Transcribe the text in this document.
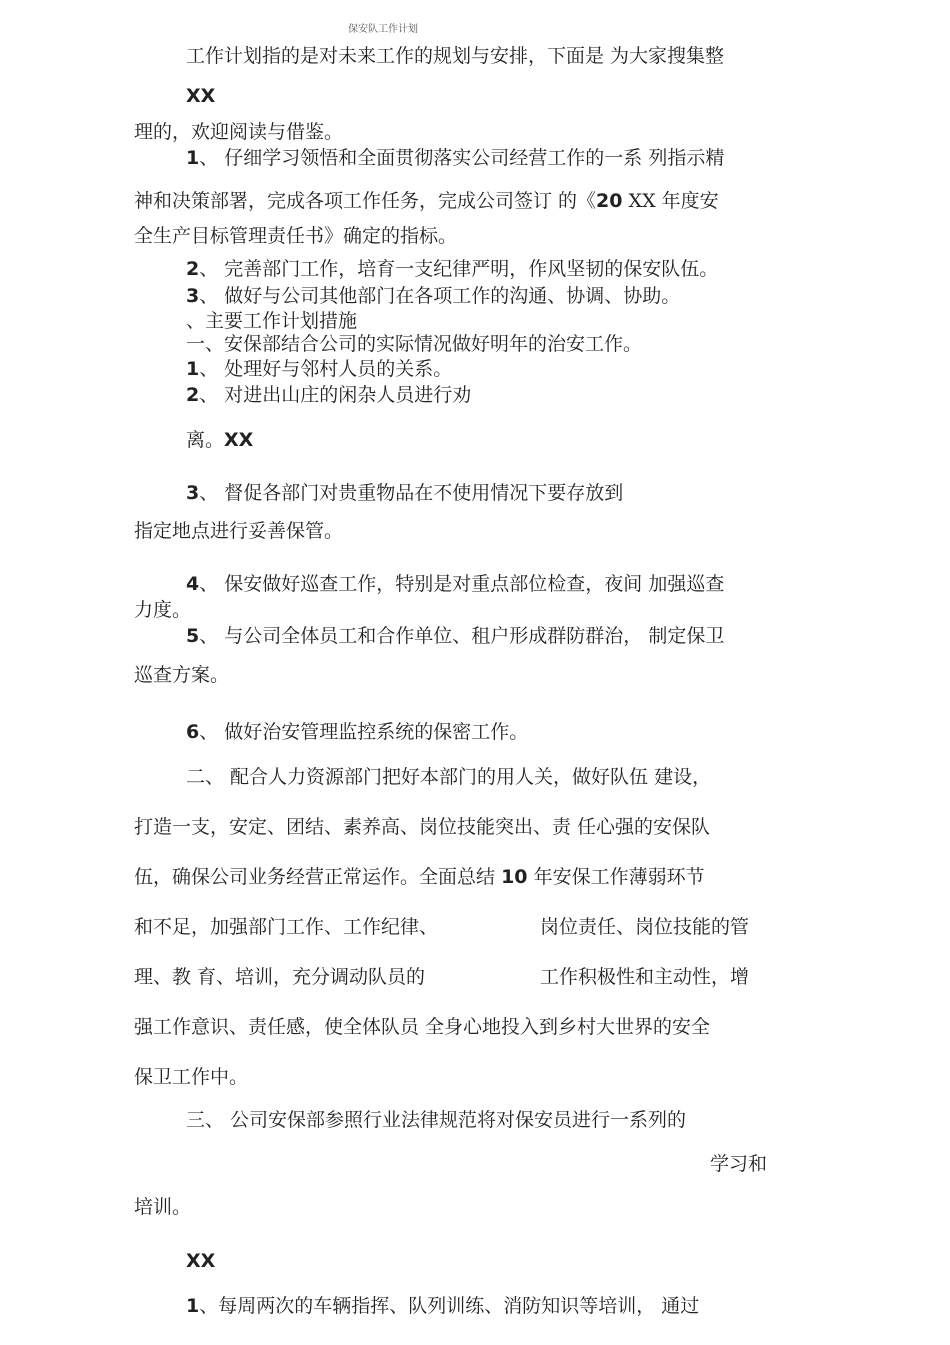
保安队工作计划
工作计划指的是对未来工作的规划与安排，下面是 为大家搜集整
XX
理的，欢迎阅读与借鉴。
1、 仔细学习领悟和全面贯彻落实公司经营工作的一系 列指示精
神和决策部署，完成各项工作任务，完成公司签订 的《20 XX 年度安
全生产目标管理责任书》确定的指标。
2、 完善部门工作，培育一支纪律严明，作风坚韧的保安队伍。
3、 做好与公司其他部门在各项工作的沟通、协调、协助。
、主要工作计划措施
一、安保部结合公司的实际情况做好明年的治安工作。
1、 处理好与邻村人员的关系。
2、 对进出山庄的闲杂人员进行劝
离。XX
3、 督促各部门对贵重物品在不使用情况下要存放到
指定地点进行妥善保管。
4、 保安做好巡查工作，特别是对重点部位检查，夜间 加强巡查
力度。
5、 与公司全体员工和合作单位、租户形成群防群治， 制定保卫
巡查方案。
6、 做好治安管理监控系统的保密工作。
二、 配合人力资源部门把好本部门的用人关，做好队伍 建设，
打造一支，安定、团结、素养高、岗位技能突出、责 任心强的安保队
伍，确保公司业务经营正常运作。全面总结 10 年安保工作薄弱环节
和不足，加强部门工作、工作纪律、	岗位责任、岗位技能的管
理、教 育、培训，充分调动队员的	工作积极性和主动性，增
强工作意识、责任感，使全体队员 全身心地投入到乡村大世界的安全
保卫工作中。
三、 公司安保部参照行业法律规范将对保安员进行一系列的
学习和
培训。
XX
1、每周两次的车辆指挥、队列训练、消防知识等培训， 通过
